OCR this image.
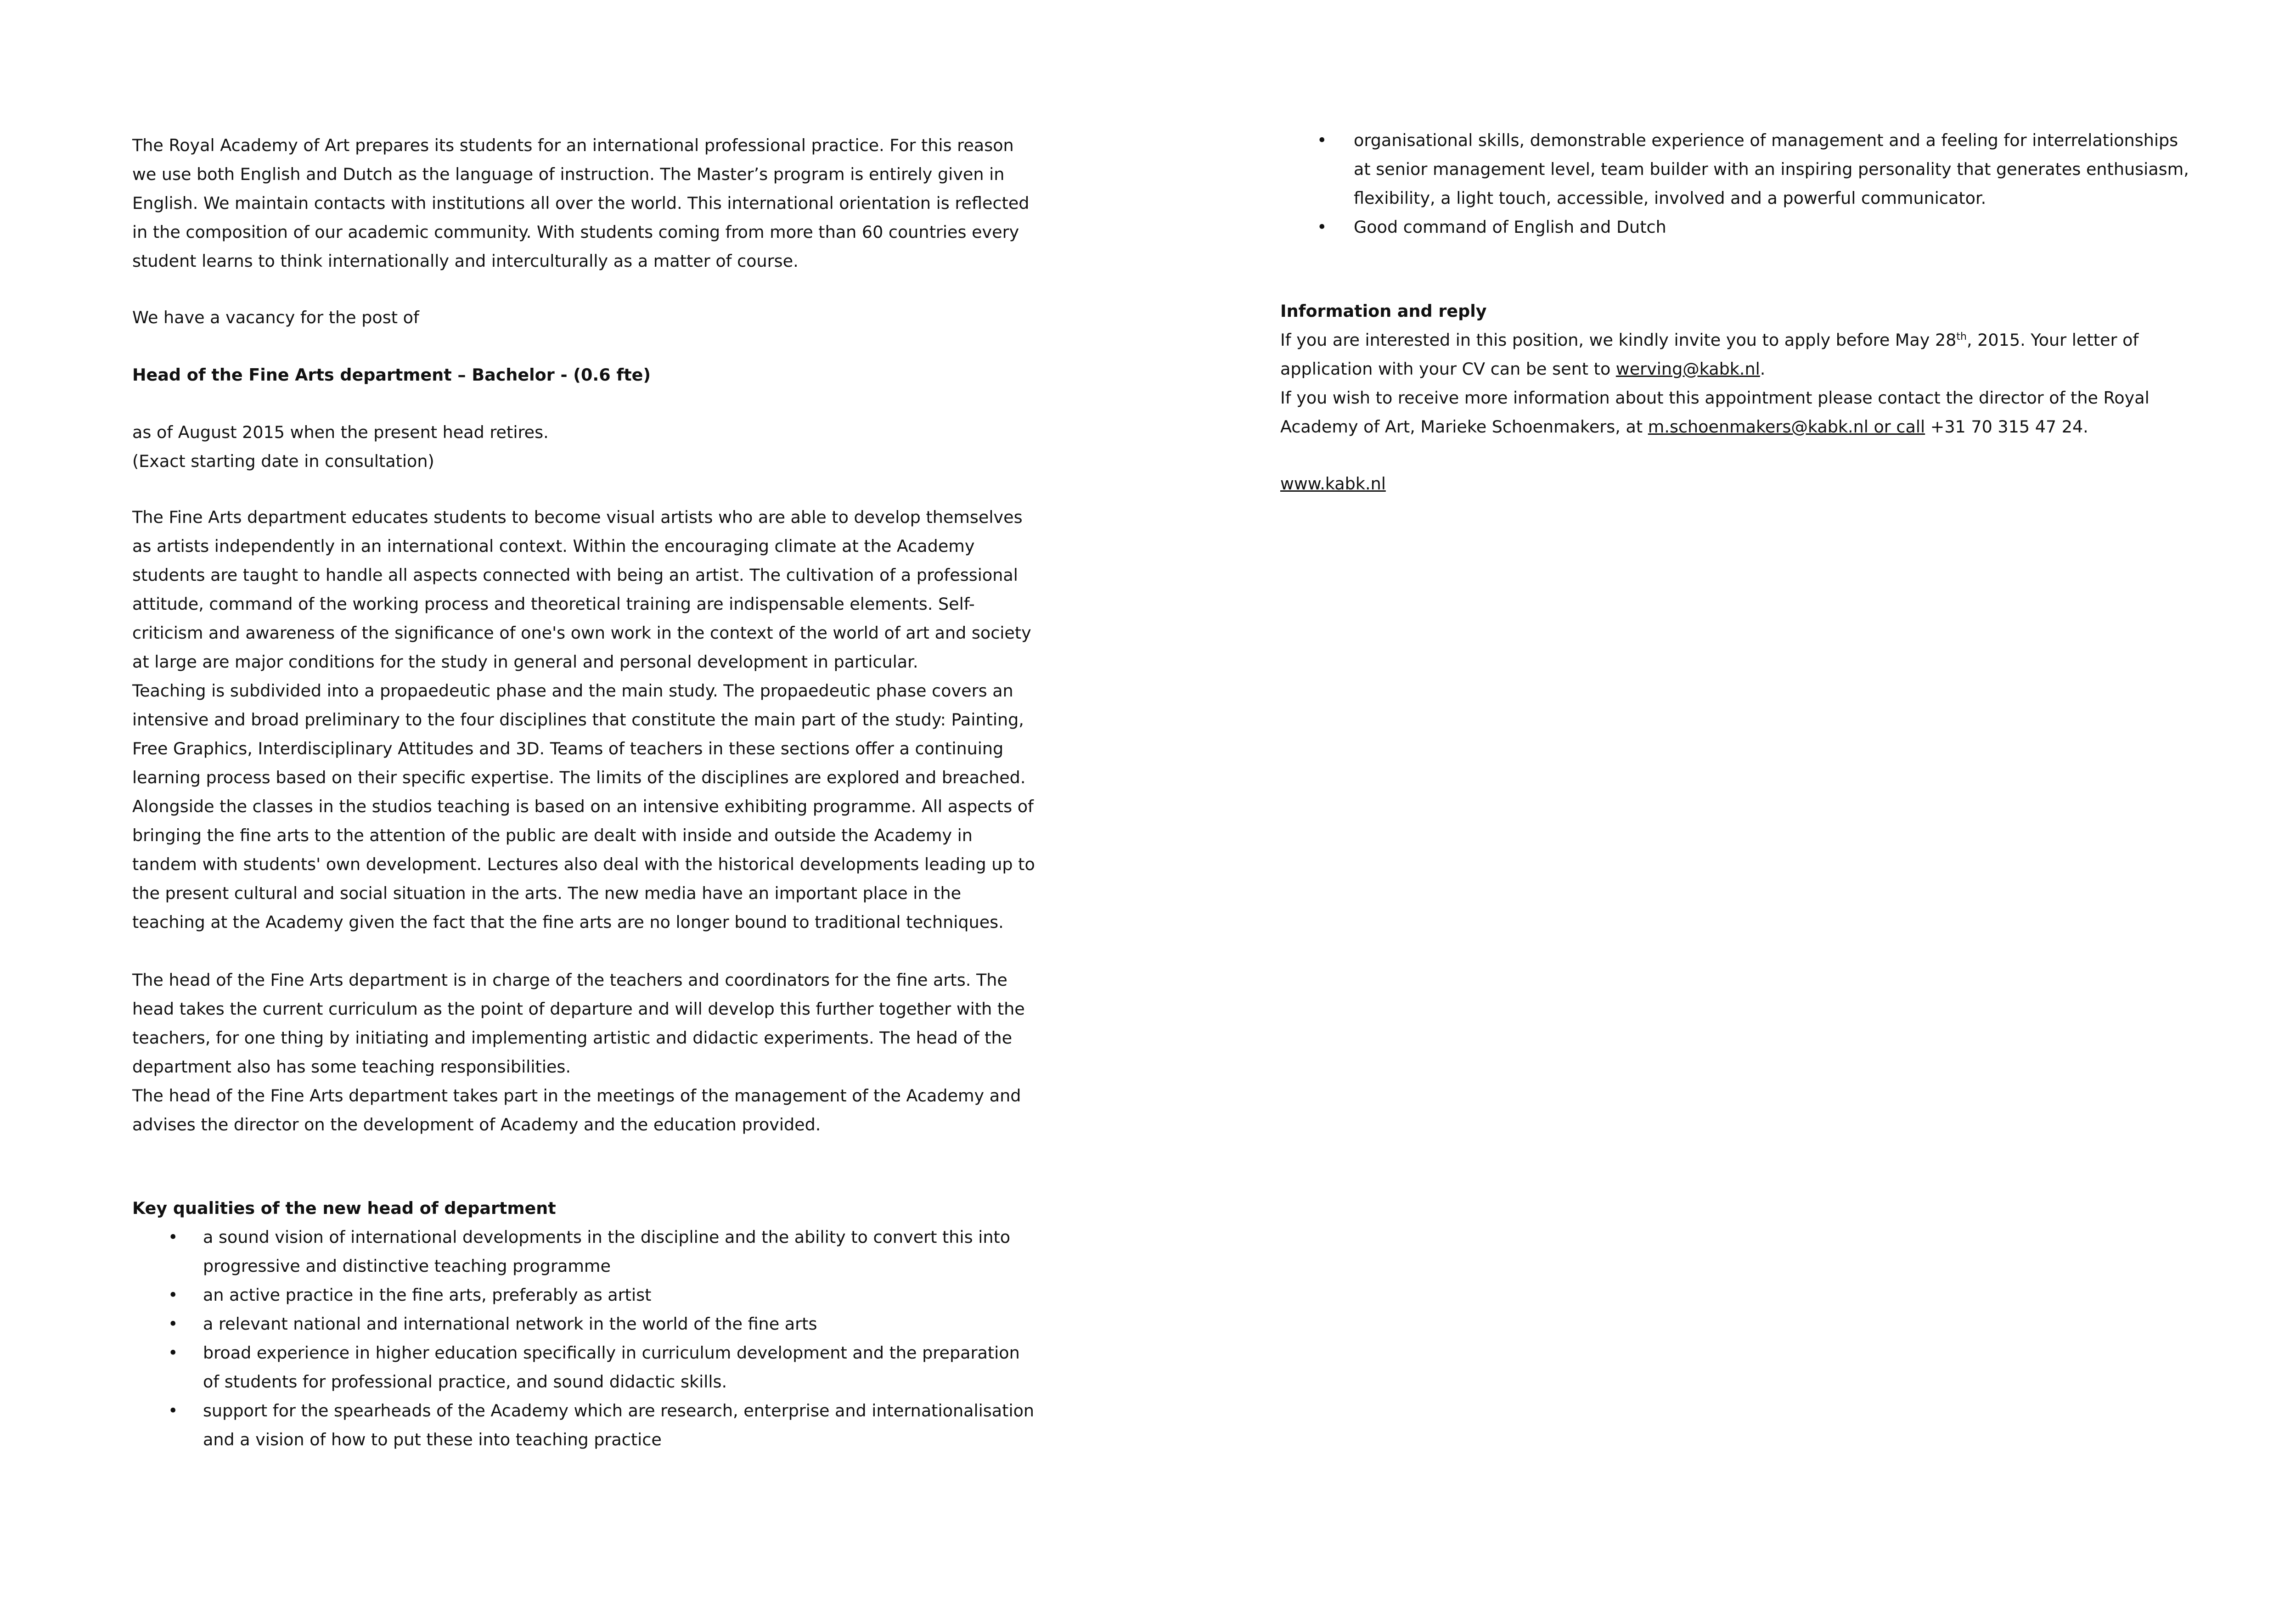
The Royal Academy of Art prepares its students for an international professional practice. For this reason we use both English and Dutch as the language of instruction. The Master’s program is entirely given in English. We maintain contacts with institutions all over the world. This international orientation is reflected in the composition of our academic community. With students coming from more than 60 countries every student learns to think internationally and interculturally as a matter of course.

We have a vacancy for the post of

Head of the Fine Arts department – Bachelor - (0.6 fte)

as of August 2015 when the present head retires.

(Exact starting date in consultation)

The Fine Arts department educates students to become visual artists who are able to develop themselves as artists independently in an international context. Within the encouraging climate at the Academy students are taught to handle all aspects connected with being an artist. The cultivation of a professional attitude, command of the working process and theoretical training are indispensable elements. Self-criticism and awareness of the significance of one's own work in the context of the world of art and society at large are major conditions for the study in general and personal development in particular.

Teaching is subdivided into a propaedeutic phase and the main study. The propaedeutic phase covers an intensive and broad preliminary to the four disciplines that constitute the main part of the study: Painting, Free Graphics, Interdisciplinary Attitudes and 3D. Teams of teachers in these sections offer a continuing learning process based on their specific expertise. The limits of the disciplines are explored and breached.

Alongside the classes in the studios teaching is based on an intensive exhibiting programme. All aspects of bringing the fine arts to the attention of the public are dealt with inside and outside the Academy in tandem with students' own development. Lectures also deal with the historical developments leading up to the present cultural and social situation in the arts. The new media have an important place in the teaching at the Academy given the fact that the fine arts are no longer bound to traditional techniques.

The head of the Fine Arts department is in charge of the teachers and coordinators for the fine arts. The head takes the current curriculum as the point of departure and will develop this further together with the teachers, for one thing by initiating and implementing artistic and didactic experiments. The head of the department also has some teaching responsibilities.

The head of the Fine Arts department takes part in the meetings of the management of the Academy and advises the director on the development of Academy and the education provided.

Key qualities of the new head of department

• a sound vision of international developments in the discipline and the ability to convert this into progressive and distinctive teaching programme
• an active practice in the fine arts, preferably as artist
• a relevant national and international network in the world of the fine arts
• broad experience in higher education specifically in curriculum development and the preparation of students for professional practice, and sound didactic skills.
• support for the spearheads of the Academy which are research, enterprise and internationalisation and a vision of how to put these into teaching practice
• organisational skills, demonstrable experience of management and a feeling for interrelationships at senior management level, team builder with an inspiring personality that generates enthusiasm, flexibility, a light touch, accessible, involved and a powerful communicator.
• Good command of English and Dutch

Information and reply

If you are interested in this position, we kindly invite you to apply before May 28th, 2015. Your letter of application with your CV can be sent to werving@kabk.nl.

If you wish to receive more information about this appointment please contact the director of the Royal Academy of Art, Marieke Schoenmakers, at m.schoenmakers@kabk.nl or call +31 70 315 47 24.

www.kabk.nl
